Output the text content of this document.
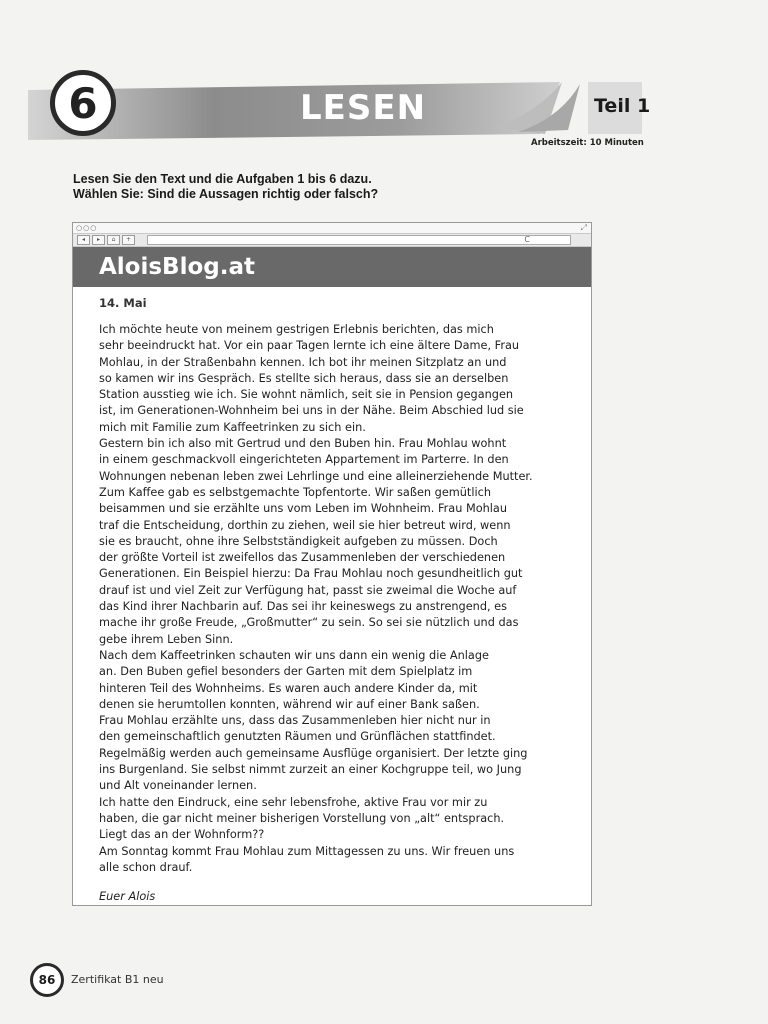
6	LESEN	Teil 1
Arbeitszeit: 10 Minuten
Lesen Sie den Text und die Aufgaben 1 bis 6 dazu.
Wählen Sie: Sind die Aussagen richtig oder falsch?
○○○	⤢
◂	▸	⌂	+	C
AloisBlog.at
14. Mai

Ich möchte heute von meinem gestrigen Erlebnis berichten, das mich
sehr beeindruckt hat. Vor ein paar Tagen lernte ich eine ältere Dame, Frau
Mohlau, in der Straßenbahn kennen. Ich bot ihr meinen Sitzplatz an und
so kamen wir ins Gespräch. Es stellte sich heraus, dass sie an derselben
Station ausstieg wie ich. Sie wohnt nämlich, seit sie in Pension gegangen
ist, im Generationen-Wohnheim bei uns in der Nähe. Beim Abschied lud sie
mich mit Familie zum Kaffeetrinken zu sich ein.
Gestern bin ich also mit Gertrud und den Buben hin. Frau Mohlau wohnt
in einem geschmackvoll eingerichteten Appartement im Parterre. In den
Wohnungen nebenan leben zwei Lehrlinge und eine alleinerziehende Mutter.
Zum Kaffee gab es selbstgemachte Topfentorte. Wir saßen gemütlich
beisammen und sie erzählte uns vom Leben im Wohnheim. Frau Mohlau
traf die Entscheidung, dorthin zu ziehen, weil sie hier betreut wird, wenn
sie es braucht, ohne ihre Selbstständigkeit aufgeben zu müssen. Doch
der größte Vorteil ist zweifellos das Zusammenleben der verschiedenen
Generationen. Ein Beispiel hierzu: Da Frau Mohlau noch gesundheitlich gut
drauf ist und viel Zeit zur Verfügung hat, passt sie zweimal die Woche auf
das Kind ihrer Nachbarin auf. Das sei ihr keineswegs zu anstrengend, es
mache ihr große Freude, „Großmutter“ zu sein. So sei sie nützlich und das
gebe ihrem Leben Sinn.
Nach dem Kaffeetrinken schauten wir uns dann ein wenig die Anlage
an. Den Buben gefiel besonders der Garten mit dem Spielplatz im
hinteren Teil des Wohnheims. Es waren auch andere Kinder da, mit
denen sie herumtollen konnten, während wir auf einer Bank saßen.
Frau Mohlau erzählte uns, dass das Zusammenleben hier nicht nur in
den gemeinschaftlich genutzten Räumen und Grünflächen stattfindet.
Regelmäßig werden auch gemeinsame Ausflüge organisiert. Der letzte ging
ins Burgenland. Sie selbst nimmt zurzeit an einer Kochgruppe teil, wo Jung
und Alt voneinander lernen.
Ich hatte den Eindruck, eine sehr lebensfrohe, aktive Frau vor mir zu
haben, die gar nicht meiner bisherigen Vorstellung von „alt“ entsprach.
Liegt das an der Wohnform??
Am Sonntag kommt Frau Mohlau zum Mittagessen zu uns. Wir freuen uns
alle schon drauf.

Euer Alois
86	Zertifikat B1 neu
